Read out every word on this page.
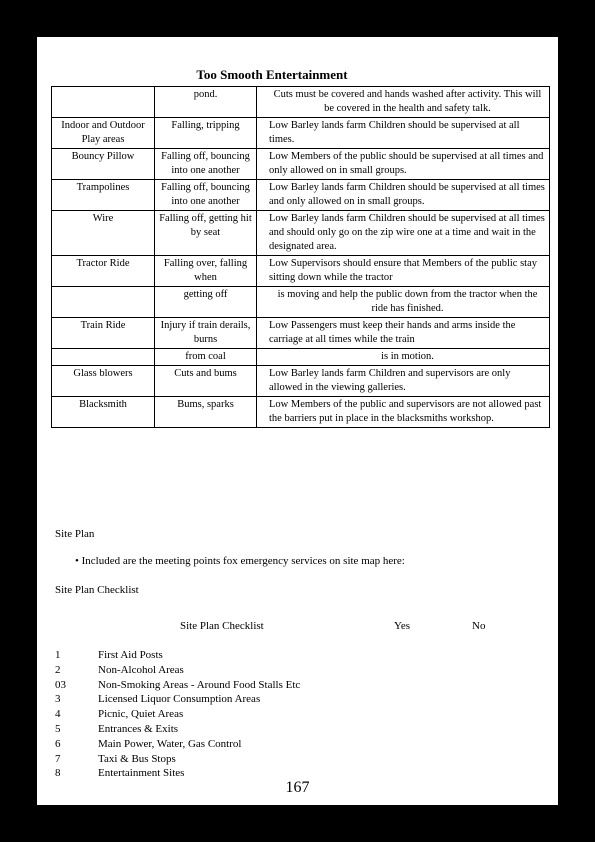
Too Smooth Entertainment
	pond.	Cuts must be covered and hands washed after activity. This will be covered in the health and safety talk.
Indoor and Outdoor Play areas	Falling, tripping	Low Barley lands farm Children should be supervised at all times.
Bouncy Pillow	Falling off, bouncing into one another	Low Members of the public should be supervised at all times and only allowed on in small groups.
Trampolines	Falling off, bouncing into one another	Low Barley lands farm Children should be supervised at all times and only allowed on in small groups.
Wire	Falling off, getting hit by seat	Low Barley lands farm Children should be supervised at all times and should only go on the zip wire one at a time and wait in the designated area.
Tractor Ride	Falling over, falling when	Low Supervisors should ensure that Members of the public stay sitting down while the tractor
	getting off	is moving and help the public down from the tractor when the ride has finished.
Train Ride	Injury if train derails, burns	Low Passengers must keep their hands and arms inside the carriage at all times while the train
	from coal	is in motion.
Glass blowers	Cuts and bums	Low Barley lands farm Children and supervisors are only allowed in the viewing galleries.
Blacksmith	Bums, sparks	Low Members of the public and supervisors are not allowed past the barriers put in place in the blacksmiths workshop.
Site Plan
• Included are the meeting points fox emergency services on site map here:
Site Plan Checklist
Site Plan Checklist	Yes	No
1	First Aid Posts
2	Non-Alcohol Areas
03	Non-Smoking Areas - Around Food Stalls Etc
3	Licensed Liquor Consumption Areas
4	Picnic, Quiet Areas
5	Entrances & Exits
6	Main Power, Water, Gas Control
7	Taxi & Bus Stops
8	Entertainment Sites
167
